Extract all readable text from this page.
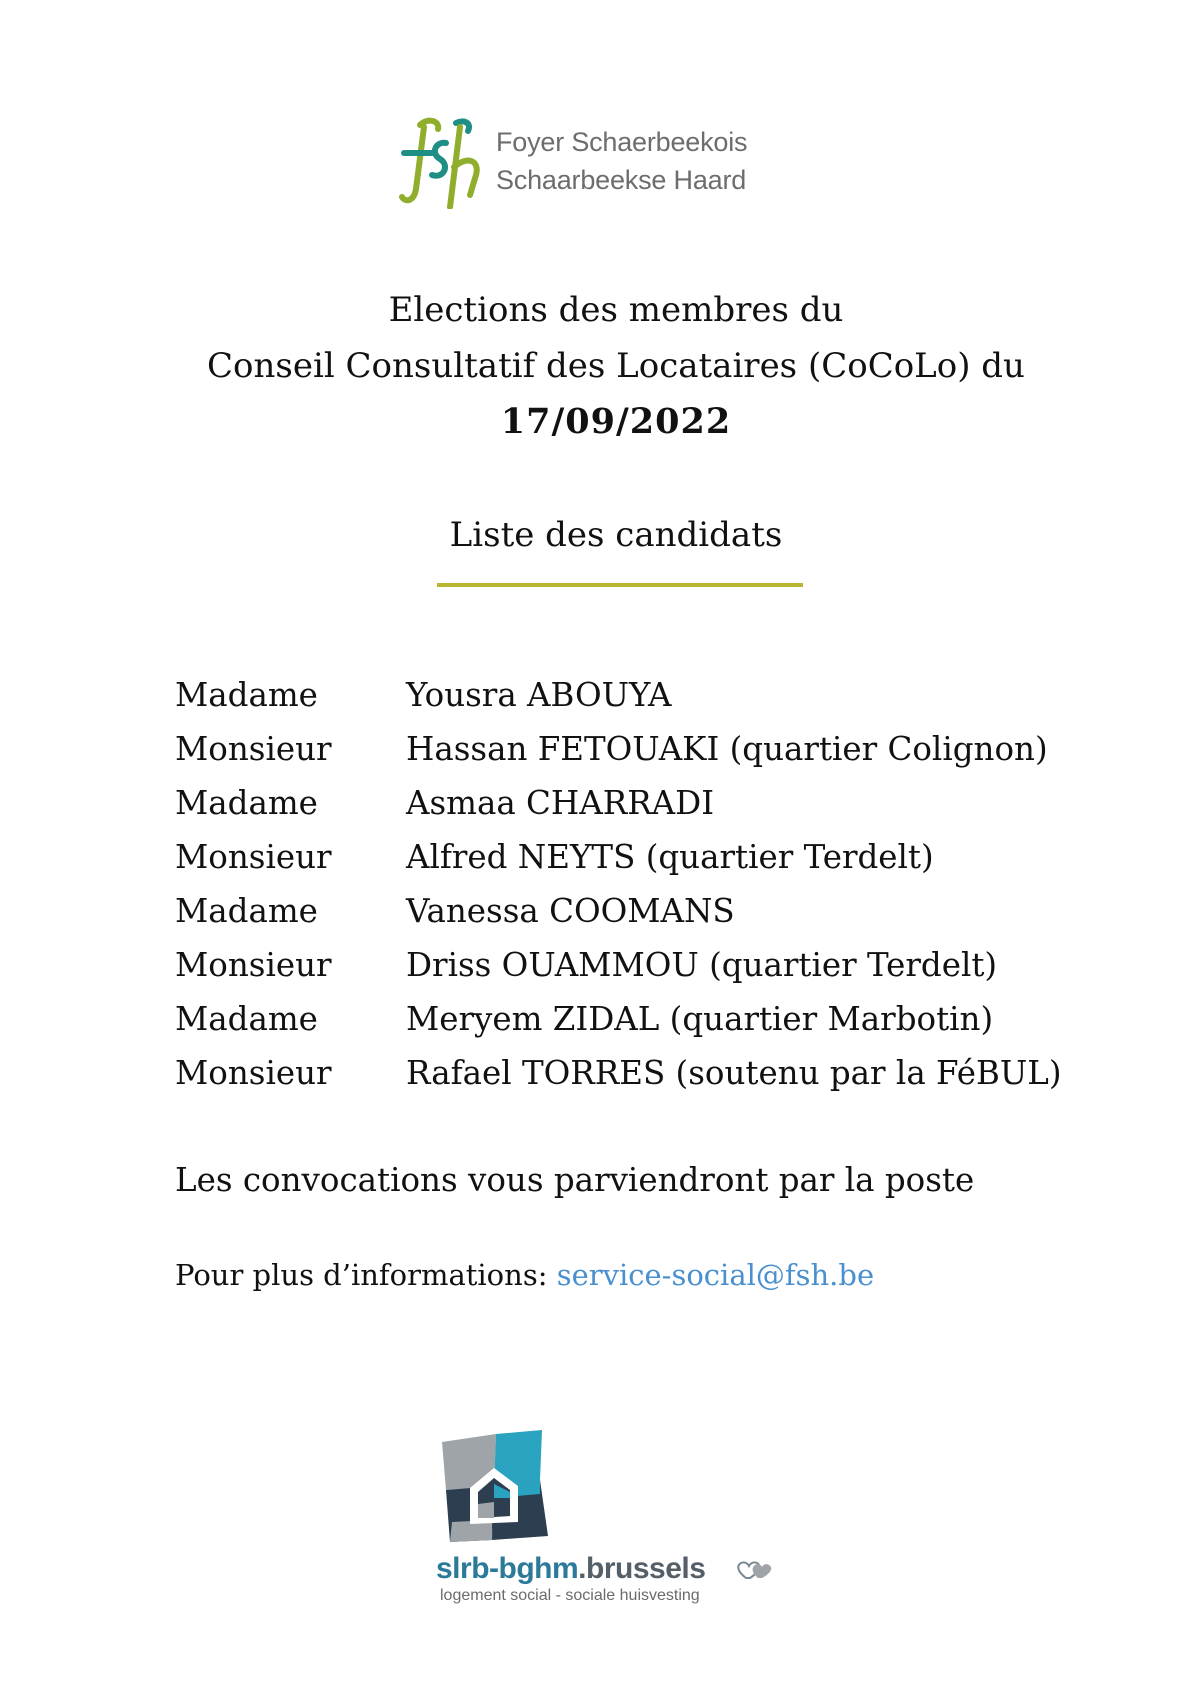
Foyer Schaerbeekois
Schaarbeekse Haard
Elections des membres du
Conseil Consultatif des Locataires (CoCoLo) du
17/09/2022
Liste des candidats
Madame	Yousra ABOUYA
Monsieur Hassan FETOUAKI (quartier Colignon)
Madame	Asmaa CHARRADI
Monsieur Alfred NEYTS (quartier Terdelt)
Madame	Vanessa COOMANS
Monsieur Driss OUAMMOU (quartier Terdelt)
Madame	Meryem ZIDAL (quartier Marbotin)
Monsieur Rafael TORRES (soutenu par la FéBUL)
Les convocations vous parviendront par la poste
Pour plus d’informations: service-social@fsh.be
slrb-bghm.brussels
logement social - sociale huisvesting
